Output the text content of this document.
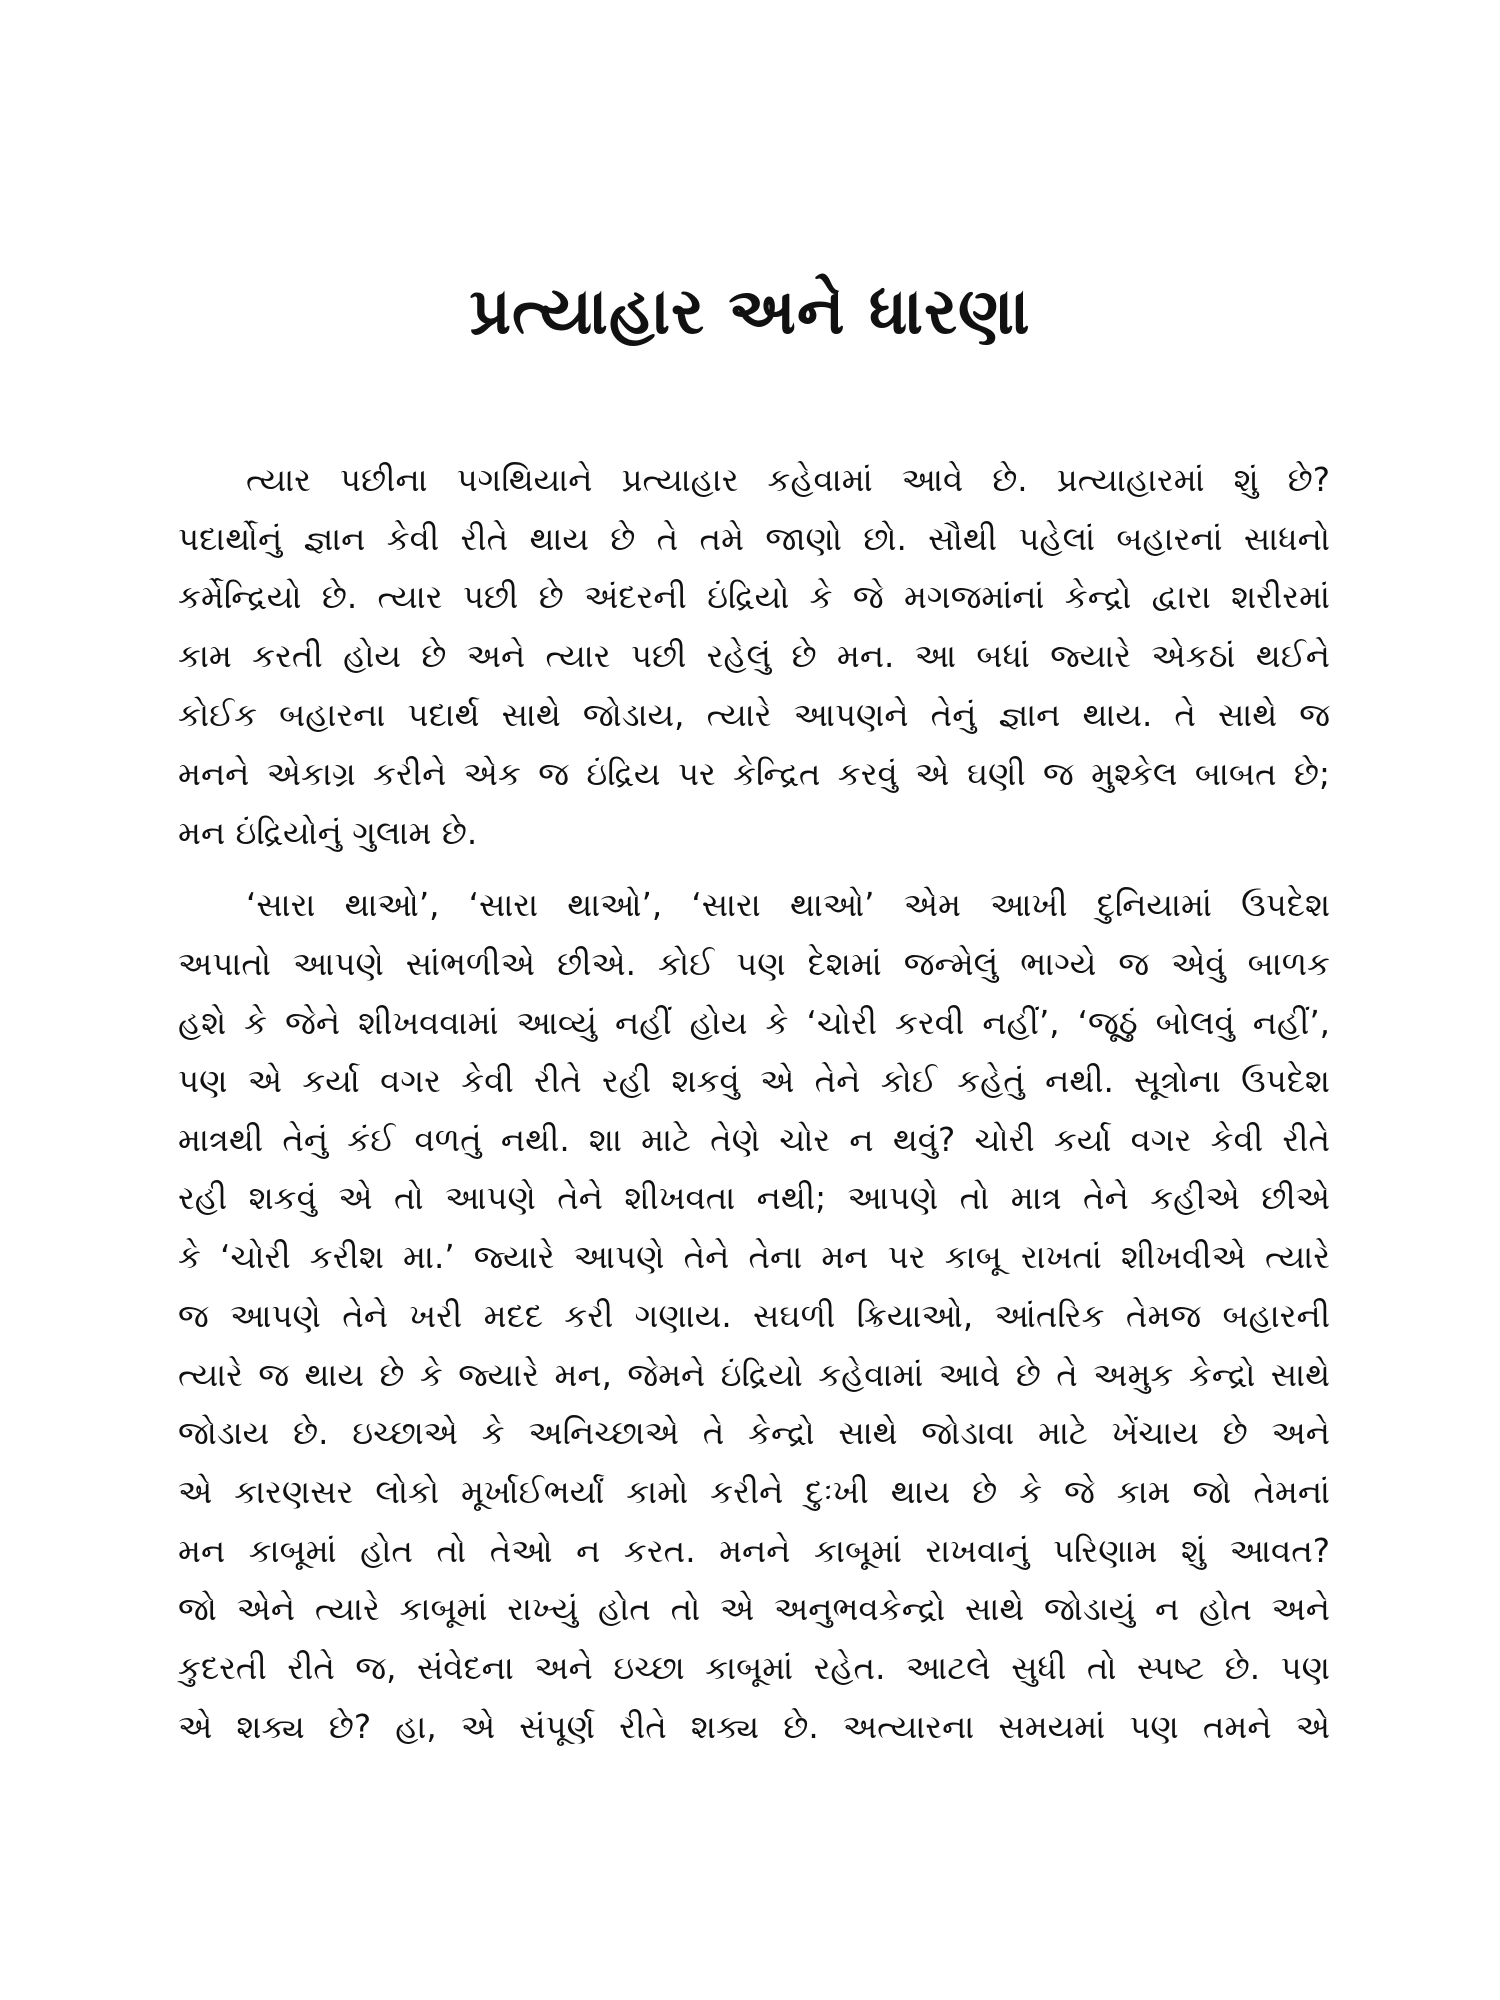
પ્રત્યાહાર અને ધારણા
ત્યાર પછીના પગથિયાને પ્રત્યાહાર કહેવામાં આવે છે. પ્રત્યાહારમાં શું છે?
પદાર્થોનું જ્ઞાન કેવી રીતે થાય છે તે તમે જાણો છો. સૌથી પહેલાં બહારનાં સાધનો
કર્મેન્દ્રિયો છે. ત્યાર પછી છે અંદરની ઇંદ્રિયો કે જે મગજમાંનાં કેન્દ્રો દ્વારા શરીરમાં
કામ કરતી હોય છે અને ત્યાર પછી રહેલું છે મન. આ બધાં જ્યારે એકઠાં થઈને
કોઈક બહારના પદાર્થ સાથે જોડાય, ત્યારે આપણને તેનું જ્ઞાન થાય. તે સાથે જ
મનને એકાગ્ર કરીને એક જ ઇંદ્રિય પર કેન્દ્રિત કરવું એ ઘણી જ મુશ્કેલ બાબત છે;
મન ઇંદ્રિયોનું ગુલામ છે.
‘સારા થાઓ’, ‘સારા થાઓ’, ‘સારા થાઓ’ એમ આખી દુનિયામાં ઉપદેશ
અપાતો આપણે સાંભળીએ છીએ. કોઈ પણ દેશમાં જન્મેલું ભાગ્યે જ એવું બાળક
હશે કે જેને શીખવવામાં આવ્યું નહીં હોય કે ‘ચોરી કરવી નહીં’, ‘જૂઠું બોલવું નહીં’,
પણ એ કર્યા વગર કેવી રીતે રહી શકવું એ તેને કોઈ કહેતું નથી. સૂત્રોના ઉપદેશ
માત્રથી તેનું કંઈ વળતું નથી. શા માટે તેણે ચોર ન થવું? ચોરી કર્યા વગર કેવી રીતે
રહી શકવું એ તો આપણે તેને શીખવતા નથી; આપણે તો માત્ર તેને કહીએ છીએ
કે ‘ચોરી કરીશ મા.’ જ્યારે આપણે તેને તેના મન પર કાબૂ રાખતાં શીખવીએ ત્યારે
જ આપણે તેને ખરી મદદ કરી ગણાય. સઘળી ક્રિયાઓ, આંતરિક તેમજ બહારની
ત્યારે જ થાય છે કે જ્યારે મન, જેમને ઇંદ્રિયો કહેવામાં આવે છે તે અમુક કેન્દ્રો સાથે
જોડાય છે. ઇચ્છાએ કે અનિચ્છાએ તે કેન્દ્રો સાથે જોડાવા માટે ખેંચાય છે અને
એ કારણસર લોકો મૂર્ખાઈભર્યાં કામો કરીને દુઃખી થાય છે કે જે કામ જો તેમનાં
મન કાબૂમાં હોત તો તેઓ ન કરત. મનને કાબૂમાં રાખવાનું પરિણામ શું આવત?
જો એને ત્યારે કાબૂમાં રાખ્યું હોત તો એ અનુભવકેન્દ્રો સાથે જોડાયું ન હોત અને
કુદરતી રીતે જ, સંવેદના અને ઇચ્છા કાબૂમાં રહેત. આટલે સુધી તો સ્પષ્ટ છે. પણ
એ શક્ય છે? હા, એ સંપૂર્ણ રીતે શક્ય છે. અત્યારના સમયમાં પણ તમને એ
